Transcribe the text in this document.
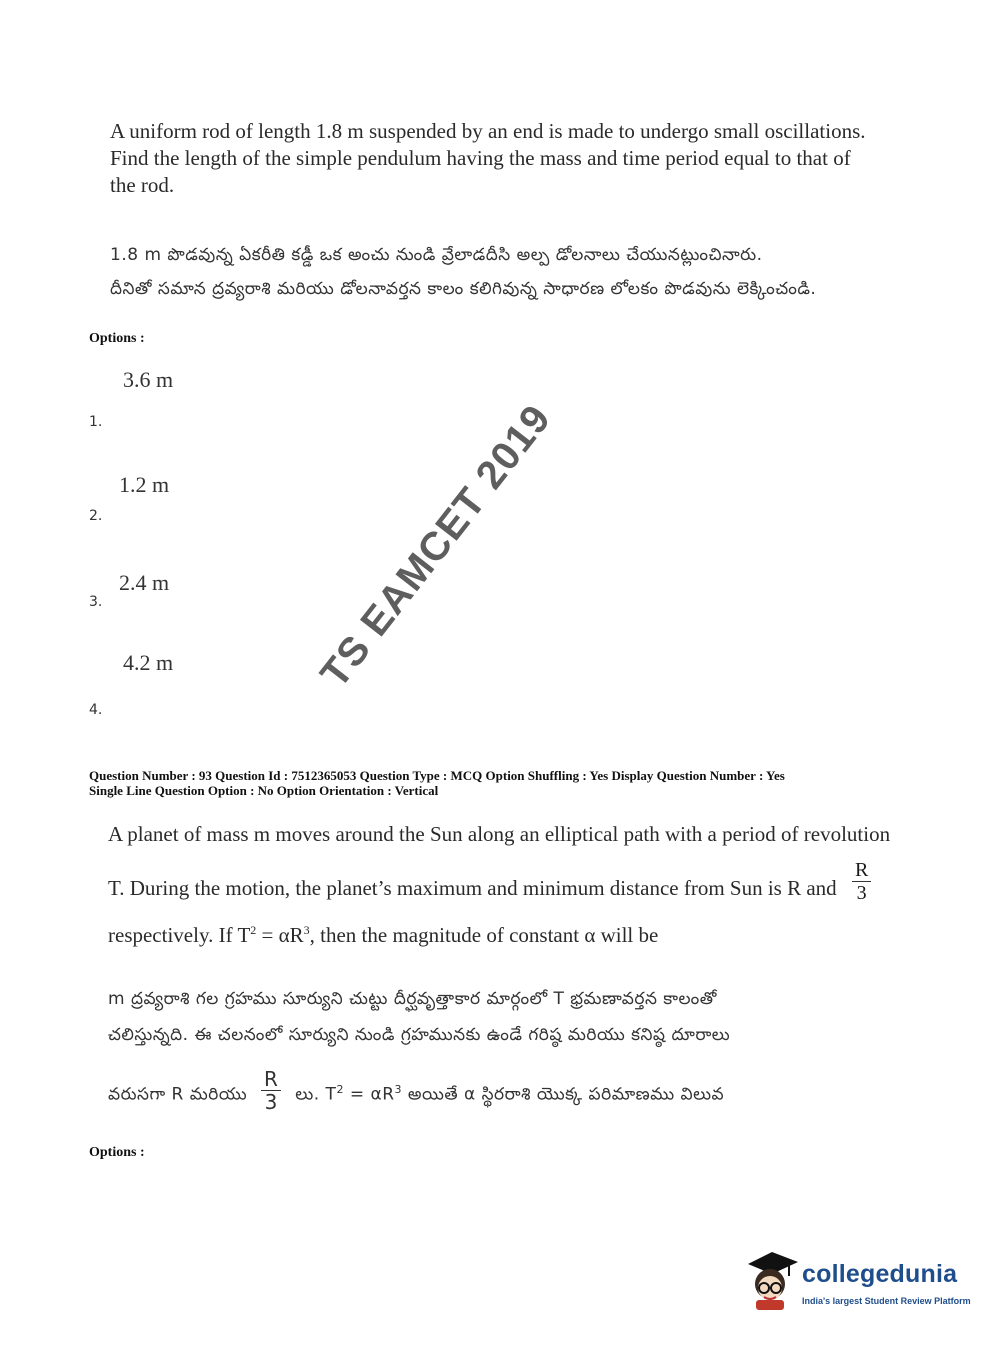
A uniform rod of length 1.8 m suspended by an end is made to undergo small oscillations.
Find the length of the simple pendulum having the mass and time period equal to that of
the rod.
1.8 m పొడవున్న ఏకరీతి కడ్డీ ఒక అంచు నుండి వ్రేలాడదీసి అల్ప డోలనాలు చేయునట్లుంచినారు.
దీనితో సమాన ద్రవ్యరాశి మరియు డోలనావర్తన కాలం కలిగివున్న సాధారణ లోలకం పొడవును లెక్కించండి.
Options :
3.6 m
1.
1.2 m
2.
2.4 m
3.
4.2 m
4.
Question Number : 93 Question Id : 7512365053 Question Type : MCQ Option Shuffling : Yes Display Question Number : Yes
Single Line Question Option : No Option Orientation : Vertical
A planet of mass m moves around the Sun along an elliptical path with a period of revolution
T. During the motion, the planet’s maximum and minimum distance from Sun is R and $\frac{R}{3}$
respectively. If $T^2 = \alpha R^3$, then the magnitude of constant α will be
m ద్రవ్యరాశి గల గ్రహము సూర్యుని చుట్టు దీర్ఘవృత్తాకార మార్గంలో T భ్రమణావర్తన కాలంతో
చలిస్తున్నది. ఈ చలనంలో సూర్యుని నుండి గ్రహమునకు ఉండే గరిష్ఠ మరియు కనిష్ఠ దూరాలు
వరుసగా R మరియు $\frac{R}{3}$ లు. $T^2 = \alpha R^3$ అయితే α స్థిరరాశి యొక్క పరిమాణము విలువ
Options :
TS EAMCET 2019
collegedunia
India's largest Student Review Platform
